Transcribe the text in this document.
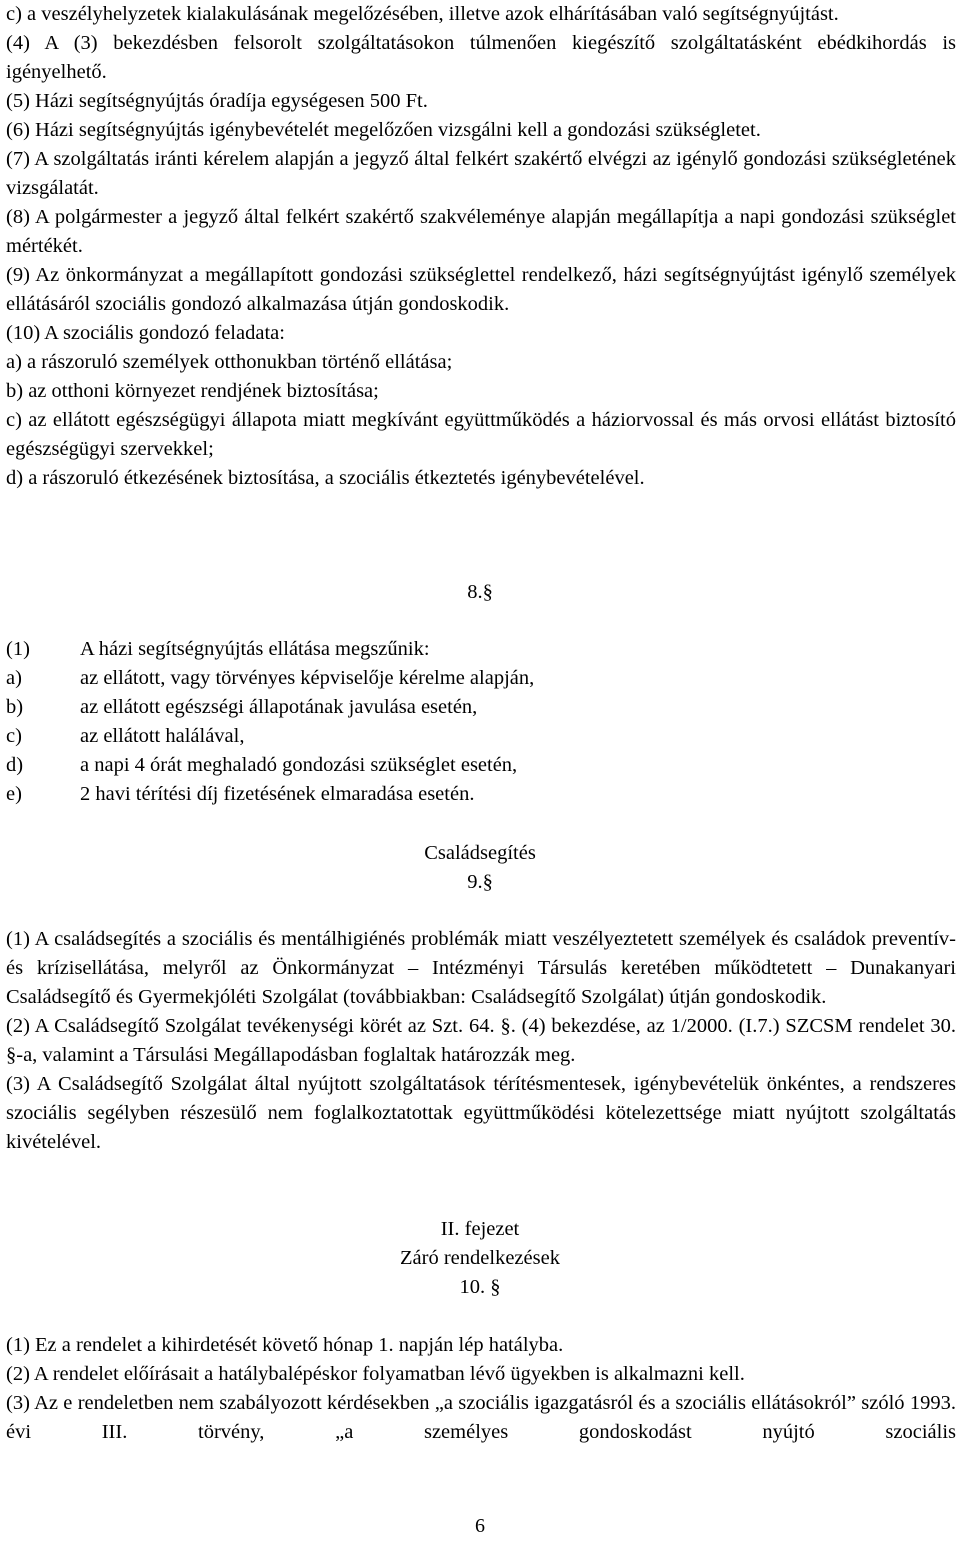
c) a veszélyhelyzetek kialakulásának megelőzésében, illetve azok elhárításában való segítségnyújtást.

(4) A (3) bekezdésben felsorolt szolgáltatásokon túlmenően kiegészítő szolgáltatásként ebédkihordás is igényelhető.

(5) Házi segítségnyújtás óradíja egységesen 500 Ft.

(6) Házi segítségnyújtás igénybevételét megelőzően vizsgálni kell a gondozási szükségletet.

(7) A szolgáltatás iránti kérelem alapján a jegyző által felkért szakértő elvégzi az igénylő gondozási szükségletének vizsgálatát.

(8) A polgármester a jegyző által felkért szakértő szakvéleménye alapján megállapítja a napi gondozási szükséglet mértékét.

(9) Az önkormányzat a megállapított gondozási szükséglettel rendelkező, házi segítségnyújtást igénylő személyek ellátásáról szociális gondozó alkalmazása útján gondoskodik.

(10) A szociális gondozó feladata:

a) a rászoruló személyek otthonukban történő ellátása;

b) az otthoni környezet rendjének biztosítása;

c) az ellátott egészségügyi állapota miatt megkívánt együttműködés a háziorvossal és más orvosi ellátást biztosító egészségügyi szervekkel;

d) a rászoruló étkezésének biztosítása, a szociális étkeztetés igénybevételével.

8.§
(1) A házi segítségnyújtás ellátása megszűnik:
a)	az ellátott, vagy törvényes képviselője kérelme alapján,
b)	az ellátott egészségi állapotának javulása esetén,
c)	az ellátott halálával,
d)	a napi 4 órát meghaladó gondozási szükséglet esetén,
e)	2 havi térítési díj fizetésének elmaradása esetén.
Családsegítés
9.§

(1) A családsegítés a szociális és mentálhigiénés problémák miatt veszélyeztetett személyek és családok preventív- és krízisellátása, melyről az Önkormányzat – Intézményi Társulás keretében működtetett – Dunakanyari Családsegítő és Gyermekjóléti Szolgálat (továbbiakban: Családsegítő Szolgálat) útján gondoskodik.

(2) A Családsegítő Szolgálat tevékenységi körét az Szt. 64. §. (4) bekezdése, az 1/2000. (I.7.) SZCSM rendelet 30. §-a, valamint a Társulási Megállapodásban foglaltak határozzák meg.

(3) A Családsegítő Szolgálat által nyújtott szolgáltatások térítésmentesek, igénybevételük önkéntes, a rendszeres szociális segélyben részesülő nem foglalkoztatottak együttműködési kötelezettsége miatt nyújtott szolgáltatás kivételével.

II. fejezet
Záró rendelkezések
10. §

(1) Ez a rendelet a kihirdetését követő hónap 1. napján lép hatályba.

(2) A rendelet előírásait a hatálybalépéskor folyamatban lévő ügyekben is alkalmazni kell.

(3) Az e rendeletben nem szabályozott kérdésekben „a szociális igazgatásról és a szociális ellátásokról” szóló 1993. évi III. törvény, „a személyes gondoskodást nyújtó szociális

6
